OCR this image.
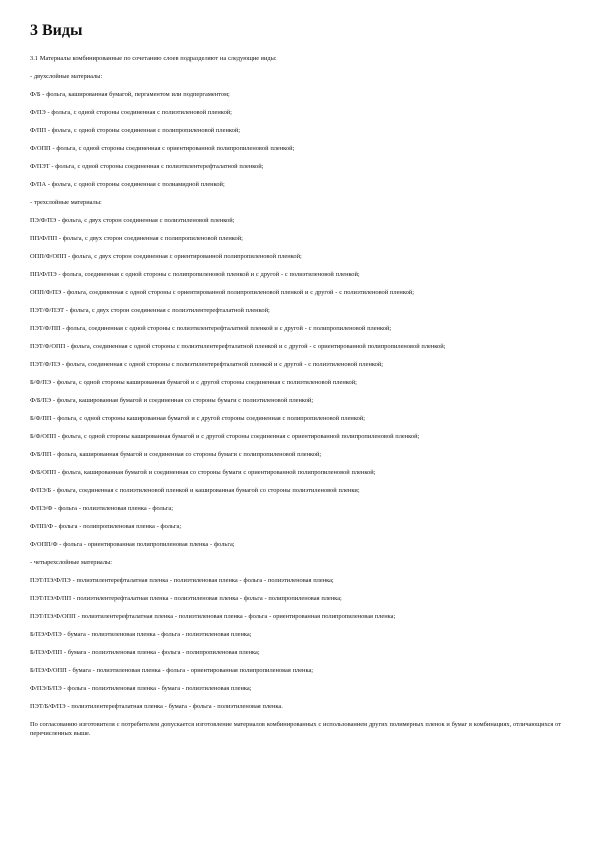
3 Виды

3.1 Материалы комбинированные по сочетанию слоев подразделяют на следующие виды:

- двухслойные материалы:

Ф/Б - фольга, кашированная бумагой, пергаментом или подпергаментом;

Ф/ПЭ - фольга, с одной стороны соединенная с полиэтиленовой пленкой;

Ф/ПП - фольга, с одной стороны соединенная с полипропиленовой пленкой;

Ф/ОПП - фольга, с одной стороны соединенная с ориентированной полипропиленовой пленкой;

Ф/ПЭТ - фольга, с одной стороны соединенная с полиэтилентерефталатной пленкой;

Ф/ПА - фольга, с одной стороны соединенная с полиамидной пленкой;

- трехслойные материалы:

ПЭ/Ф/ПЭ - фольга, с двух сторон соединенная с полиэтиленовой пленкой;

ПП/Ф/ПП - фольга, с двух сторон соединенная с полипропиленовой пленкой;

ОПП/Ф/ОПП - фольга, с двух сторон соединенная с ориентированной полипропиленовой пленкой;

ПП/Ф/ПЭ - фольга, соединенная с одной стороны с полипропиленовой пленкой и с другой - с полиэтиленовой пленкой;

ОПП/Ф/ПЭ - фольга, соединенная с одной стороны с ориентированной полипропиленовой пленкой и с другой - с полиэтиленовой пленкой;

ПЭТ/Ф/ПЭТ - фольга, с двух сторон соединенная с полиэтилентерефталатной пленкой;

ПЭТ/Ф/ПП - фольга, соединенная с одной стороны с полиэтилентерефталатной пленкой и с другой - с полипропиленовой пленкой;

ПЭТ/Ф/ОПП - фольга, соединенная с одной стороны с полиэтилентерефталатной пленкой и с другой - с ориентированной полипропиленовой пленкой;

ПЭТ/Ф/ПЭ - фольга, соединенная с одной стороны с полиэтилентерефталатной пленкой и с другой - с полиэтиленовой пленкой;

Б/Ф/ПЭ - фольга, с одной стороны кашированная бумагой и с другой стороны соединенная с полиэтиленовой пленкой;

Ф/Б/ПЭ - фольга, кашированная бумагой и соединенная со стороны бумаги с полиэтиленовой пленкой;

Б/Ф/ПП - фольга, с одной стороны кашированная бумагой и с другой стороны соединенная с полипропиленовой пленкой;

Б/Ф/ОПП - фольга, с одной стороны кашированная бумагой и с другой стороны соединенная с ориентированной полипропиленовой пленкой;

Ф/Б/ПП - фольга, кашированная бумагой и соединенная со стороны бумаги с полипропиленовой пленкой;

Ф/Б/ОПП - фольга, кашированная бумагой и соединенная со стороны бумаги с ориентированной полипропиленовой пленкой;

Ф/ПЭ/Б - фольга, соединенная с полиэтиленовой пленкой и кашированная бумагой со стороны полиэтиленовой пленки;

Ф/ПЭ/Ф - фольга - полиэтиленовая пленка - фольга;

Ф/ПП/Ф - фольга - полипропиленовая пленка - фольга;

Ф/ОПП/Ф - фольга - ориентированная полипропиленовая пленка - фольга;

- четырехслойные материалы:

ПЭТ/ПЭ/Ф/ПЭ - полиэтилентерефталатная пленка - полиэтиленовая пленка - фольга - полиэтиленовая пленка;

ПЭТ/ПЭ/Ф/ПП - полиэтилентерефталатная пленка - полиэтиленовая пленка - фольга - полипропиленовая пленка;

ПЭТ/ПЭ/Ф/ОПП - полиэтилентерефталатная пленка - полиэтиленовая пленка - фольга - ориентированная полипропиленовая пленка;

Б/ПЭ/Ф/ПЭ - бумага - полиэтиленовая пленка - фольга - полиэтиленовая пленка;

Б/ПЭ/Ф/ПП - бумага - полиэтиленовая пленка - фольга - полипропиленовая пленка;

Б/ПЭ/Ф/ОПП - бумага - полиэтиленовая пленка - фольга - ориентированная полипропиленовая пленка;

Ф/ПЭ/Б/ПЭ - фольга - полиэтиленовая пленка - бумага - полиэтиленовая пленка;

ПЭТ/Б/Ф/ПЭ - полиэтилентерефталатная пленка - бумага - фольга - полиэтиленовая пленка.

По согласованию изготовителя с потребителем допускается изготовление материалов комбинированных с использованием других полимерных пленок и бумаг в комбинациях, отличающихся от перечисленных выше.
